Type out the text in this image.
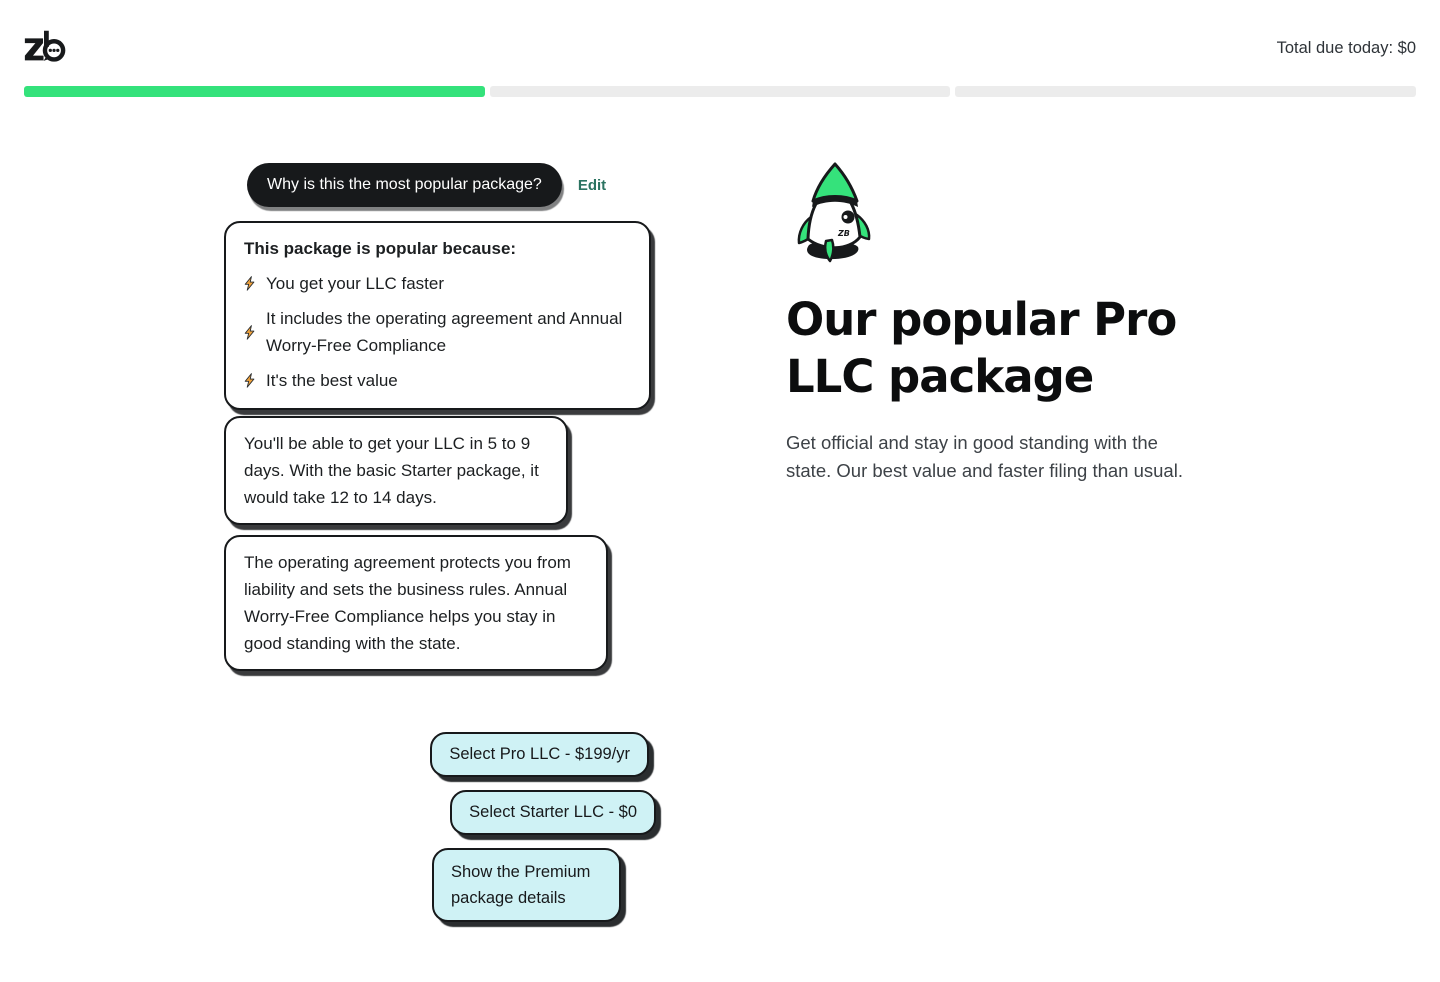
Total due today: $0
Why is this the most popular package?	Edit
This package is popular because:
You get your LLC faster
It includes the operating agreement and Annual Worry-Free Compliance
It's the best value
You'll be able to get your LLC in 5 to 9 days. With the basic Starter package, it would take 12 to 14 days.
The operating agreement protects you from liability and sets the business rules. Annual Worry-Free Compliance helps you stay in good standing with the state.
Select Pro LLC - $199/yr
Select Starter LLC - $0
Show the Premium package details
ZB
Our popular Pro
LLC package

Get official and stay in good standing with the state. Our best value and faster filing than usual.
